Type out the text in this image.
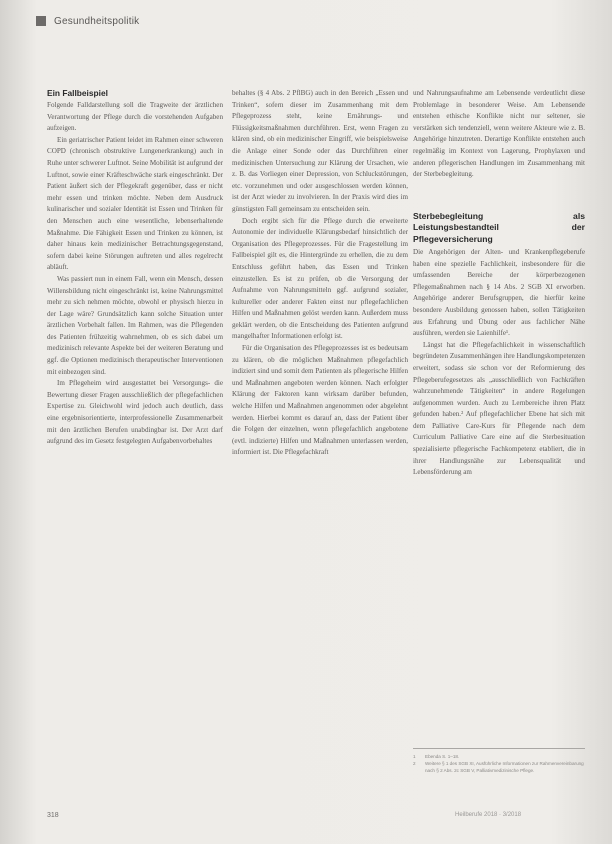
Gesundheitspolitik
Ein Fallbeispiel

Folgende Falldarstellung soll die Tragweite der ärztlichen Verantwortung der Pflege durch die vorstehenden Aufgaben aufzeigen.

Ein geriatrischer Patient leidet im Rahmen einer schweren COPD (chronisch obstruktive Lungenerkrankung) auch in Ruhe unter schwerer Luftnot. Seine Mobilität ist aufgrund der Luftnot, sowie einer Kräfteschwäche stark eingeschränkt. Der Patient äußert sich der Pflegekraft gegenüber, dass er nicht mehr essen und trinken möchte. Neben dem Ausdruck kulinarischer und sozialer Identität ist Essen und Trinken für den Menschen auch eine wesentliche, lebenserhaltende Maßnahme. Die Fähigkeit Essen und Trinken zu können, ist daher hinaus kein medizinischer Betrachtungsgegenstand, sofern dabei keine Störungen auftreten und alles regelrecht abläuft.

Was passiert nun in einem Fall, wenn ein Mensch, dessen Willensbildung nicht eingeschränkt ist, keine Nahrungsmittel mehr zu sich nehmen möchte, obwohl er physisch hierzu in der Lage wäre? Grundsätzlich kann solche Situation unter ärztlichen Vorbehalt fallen. Im Rahmen, was die Pflegenden des Patienten frühzeitig wahrnehmen, ob es sich dabei um medizinisch relevante Aspekte bei der weiteren Beratung und ggf. die Optionen medizinisch therapeutischer Interventionen mit einbezogen sind.

Im Pflegeheim wird ausgestattet bei Versorgungs- die Bewertung dieser Fragen ausschließlich der pflegefachlichen Expertise zu. Gleichwohl wird jedoch auch deutlich, dass eine ergebnisorientierte, interprofessionelle Zusammenarbeit mit den ärztlichen Berufen unabdingbar ist. Der Arzt darf aufgrund des im Gesetz festgelegten Aufgabenvorbehaltes

behaltes (§ 4 Abs. 2 PflBG) auch in den Bereich „Essen und Trinken“, sofern dieser im Zusammenhang mit dem Pflegeprozess steht, keine Ernährungs- und Flüssigkeitsmaßnahmen durchführen. Erst, wenn Fragen zu klären sind, ob ein medizinischer Eingriff, wie beispielsweise die Anlage einer Sonde oder das Durchführen einer medizinischen Untersuchung zur Klärung der Ursachen, wie z. B. das Vorliegen einer Depression, von Schluckstörungen, etc. vorzunehmen und oder ausgeschlossen werden können, ist der Arzt wieder zu involvieren. In der Praxis wird dies im günstigsten Fall gemeinsam zu entscheiden sein.

Doch ergibt sich für die Pflege durch die erweiterte Autonomie der individuelle Klärungsbedarf hinsichtlich der Organisation des Pflegeprozesses. Für die Fragestellung im Fallbeispiel gilt es, die Hintergründe zu erhellen, die zu dem Entschluss geführt haben, das Essen und Trinken einzustellen. Es ist zu prüfen, ob die Versorgung der Aufnahme von Nahrungsmitteln ggf. aufgrund sozialer, kultureller oder anderer Fakten einst nur pflegefachlichen Hilfen und Maßnahmen gelöst werden kann. Außerdem muss geklärt werden, ob die Entscheidung des Patienten aufgrund mangelhafter Informationen erfolgt ist.

Für die Organisation des Pflegeprozesses ist es bedeutsam zu klären, ob die möglichen Maßnahmen pflegefachlich indiziert sind und somit dem Patienten als pflegerische Hilfen und Maßnahmen angeboten werden können. Nach erfolgter Klärung der Faktoren kann wirksam darüber befunden, welche Hilfen und Maßnahmen angenommen oder abgelehnt werden. Hierbei kommt es darauf an, dass der Patient über die Folgen der einzelnen, wenn pflegefachlich angebotene (evtl. indizierte) Hilfen und Maßnahmen unterlassen werden, informiert ist. Die Pflegefachkraft

und Nahrungsaufnahme am Lebensende verdeutlicht diese Problemlage in besonderer Weise. Am Lebensende entstehen ethische Konflikte nicht nur seltener, sie verstärken sich tendenziell, wenn weitere Akteure wie z. B. Angehörige hinzutreten. Derartige Konflikte entstehen auch regelmäßig im Kontext von Lagerung, Prophylaxen und anderen pflegerischen Handlungen im Zusammenhang mit der Sterbebegleitung.

Sterbebegleitung als Leistungsbestandteil der Pflegeversicherung

Die Angehörigen der Alten- und Krankenpflegeberufe haben eine spezielle Fachlichkeit, insbesondere für die umfassenden Bereiche der körperbezogenen Pflegemaßnahmen nach § 14 Abs. 2 SGB XI erworben. Angehörige anderer Berufsgruppen, die hierfür keine besondere Ausbildung genossen haben, sollen Tätigkeiten aus Erfahrung und Übung oder aus fachlicher Nähe ausführen, werden sie Laienhilfe¹.

Längst hat die Pflegefachlichkeit in wissenschaftlich begründeten Zusammenhängen ihre Handlungskompetenzen erweitert, sodass sie schon vor der Reformierung des Pflegeberufegesetzes als „ausschließlich von Fachkräften wahrzunehmende Tätigkeiten“ in andere Regelungen aufgenommen wurden. Auch zu Lernbereiche ihren Platz gefunden haben.² Auf pflegefachlicher Ebene hat sich mit dem Palliative Care-Kurs für Pflegende nach dem Curriculum Palliative Care eine auf die Sterbesituation spezialisierte pflegerische Fachkompetenz etabliert, die in ihrer Handlungsnähe zur Lebensqualität und Lebensförderung am

1	Ebenda S. 1–18.
2	Weitere § 1 des SGB XI, Ausführliche Informationen zur Rahmenvereinbarung nach § 2 Abs. 2c SGB V, Palliativmedizinische Pflege.
318	Heilberufe 2018 · 3/2018
